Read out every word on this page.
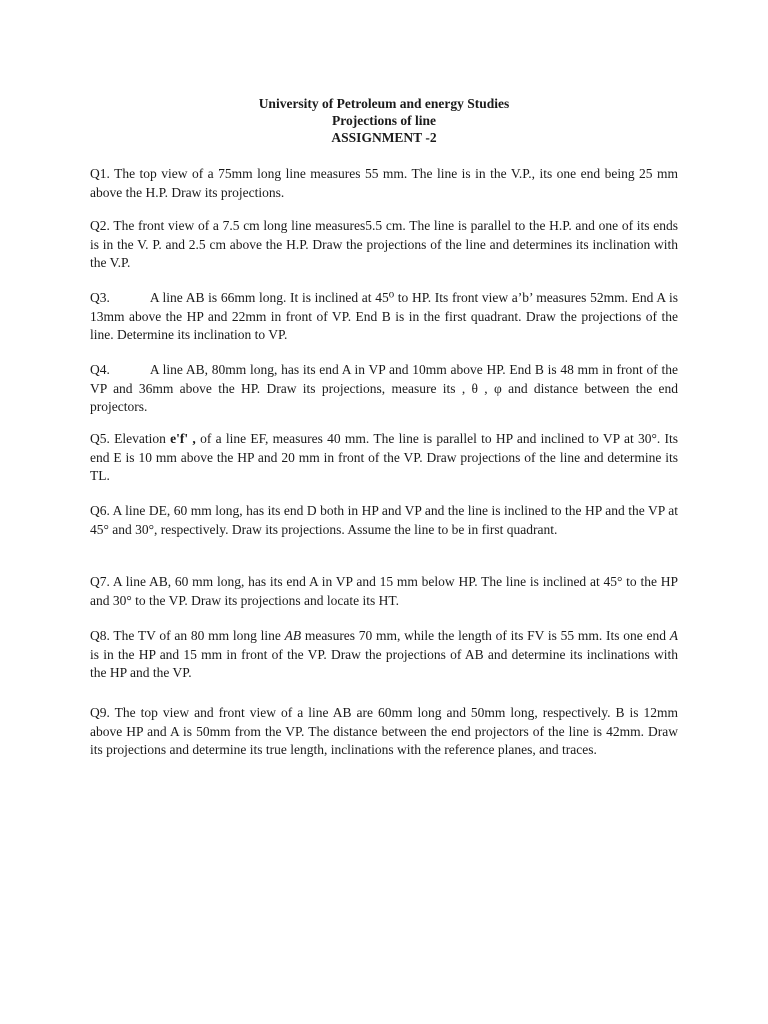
University of Petroleum and energy Studies
Projections of line
ASSIGNMENT -2

Q1. The top view of a 75mm long line measures 55 mm. The line is in the V.P., its one end being 25 mm above the H.P. Draw its projections.

Q2. The front view of a 7.5 cm long line measures5.5 cm. The line is parallel to the H.P. and one of its ends is in the V. P. and 2.5 cm above the H.P. Draw the projections of the line and determines its inclination with the V.P.

Q3.	A line AB is 66mm long. It is inclined at 45⁰ to HP. Its front view a’b’ measures 52mm. End A is 13mm above the HP and 22mm in front of VP. End B is in the first quadrant. Draw the projections of the line. Determine its inclination to VP.

Q4.	A line AB, 80mm long, has its end A in VP and 10mm above HP. End B is 48 mm in front of the VP and 36mm above the HP. Draw its projections, measure its , θ , φ and distance between the end projectors.

Q5. Elevation e'f' , of a line EF, measures 40 mm. The line is parallel to HP and inclined to VP at 30°. Its end E is 10 mm above the HP and 20 mm in front of the VP. Draw projections of the line and determine its TL.

Q6. A line DE, 60 mm long, has its end D both in HP and VP and the line is inclined to the HP and the VP at 45° and 30°, respectively. Draw its projections. Assume the line to be in first quadrant.

Q7. A line AB, 60 mm long, has its end A in VP and 15 mm below HP. The line is inclined at 45° to the HP and 30° to the VP. Draw its projections and locate its HT.

Q8. The TV of an 80 mm long line AB measures 70 mm, while the length of its FV is 55 mm. Its one end A is in the HP and 15 mm in front of the VP. Draw the projections of AB and determine its inclinations with the HP and the VP.

Q9. The top view and front view of a line AB are 60mm long and 50mm long, respectively. B is 12mm above HP and A is 50mm from the VP. The distance between the end projectors of the line is 42mm. Draw its projections and determine its true length, inclinations with the reference planes, and traces.
